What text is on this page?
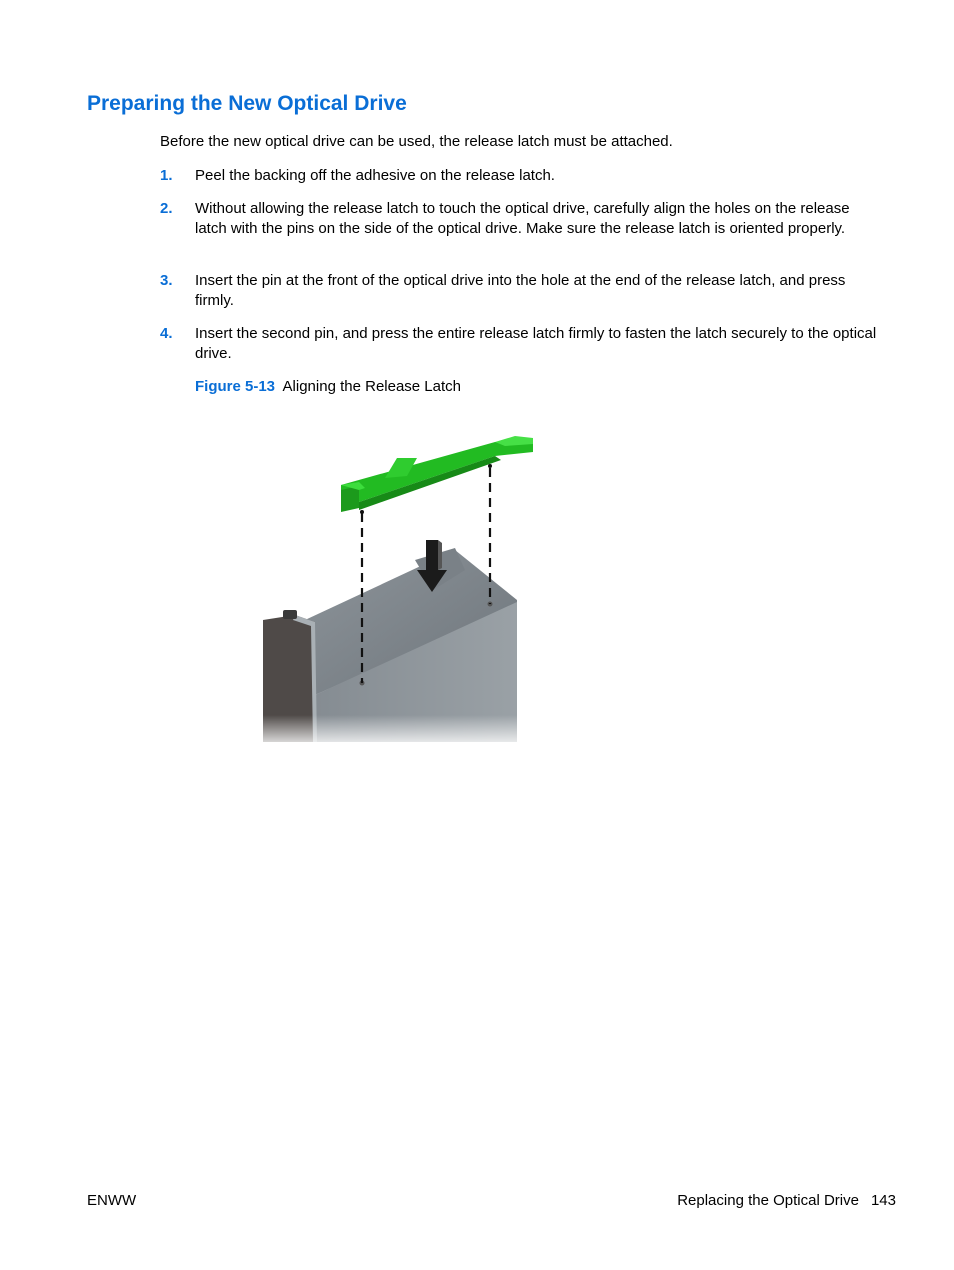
Preparing the New Optical Drive

Before the new optical drive can be used, the release latch must be attached.

1. Peel the backing off the adhesive on the release latch.
2. Without allowing the release latch to touch the optical drive, carefully align the holes on the release latch with the pins on the side of the optical drive. Make sure the release latch is oriented properly.
3. Insert the pin at the front of the optical drive into the hole at the end of the release latch, and press firmly.
4. Insert the second pin, and press the entire release latch firmly to fasten the latch securely to the optical drive.
Figure 5-13 Aligning the Release Latch
ENWW	Replacing the Optical Drive 143
